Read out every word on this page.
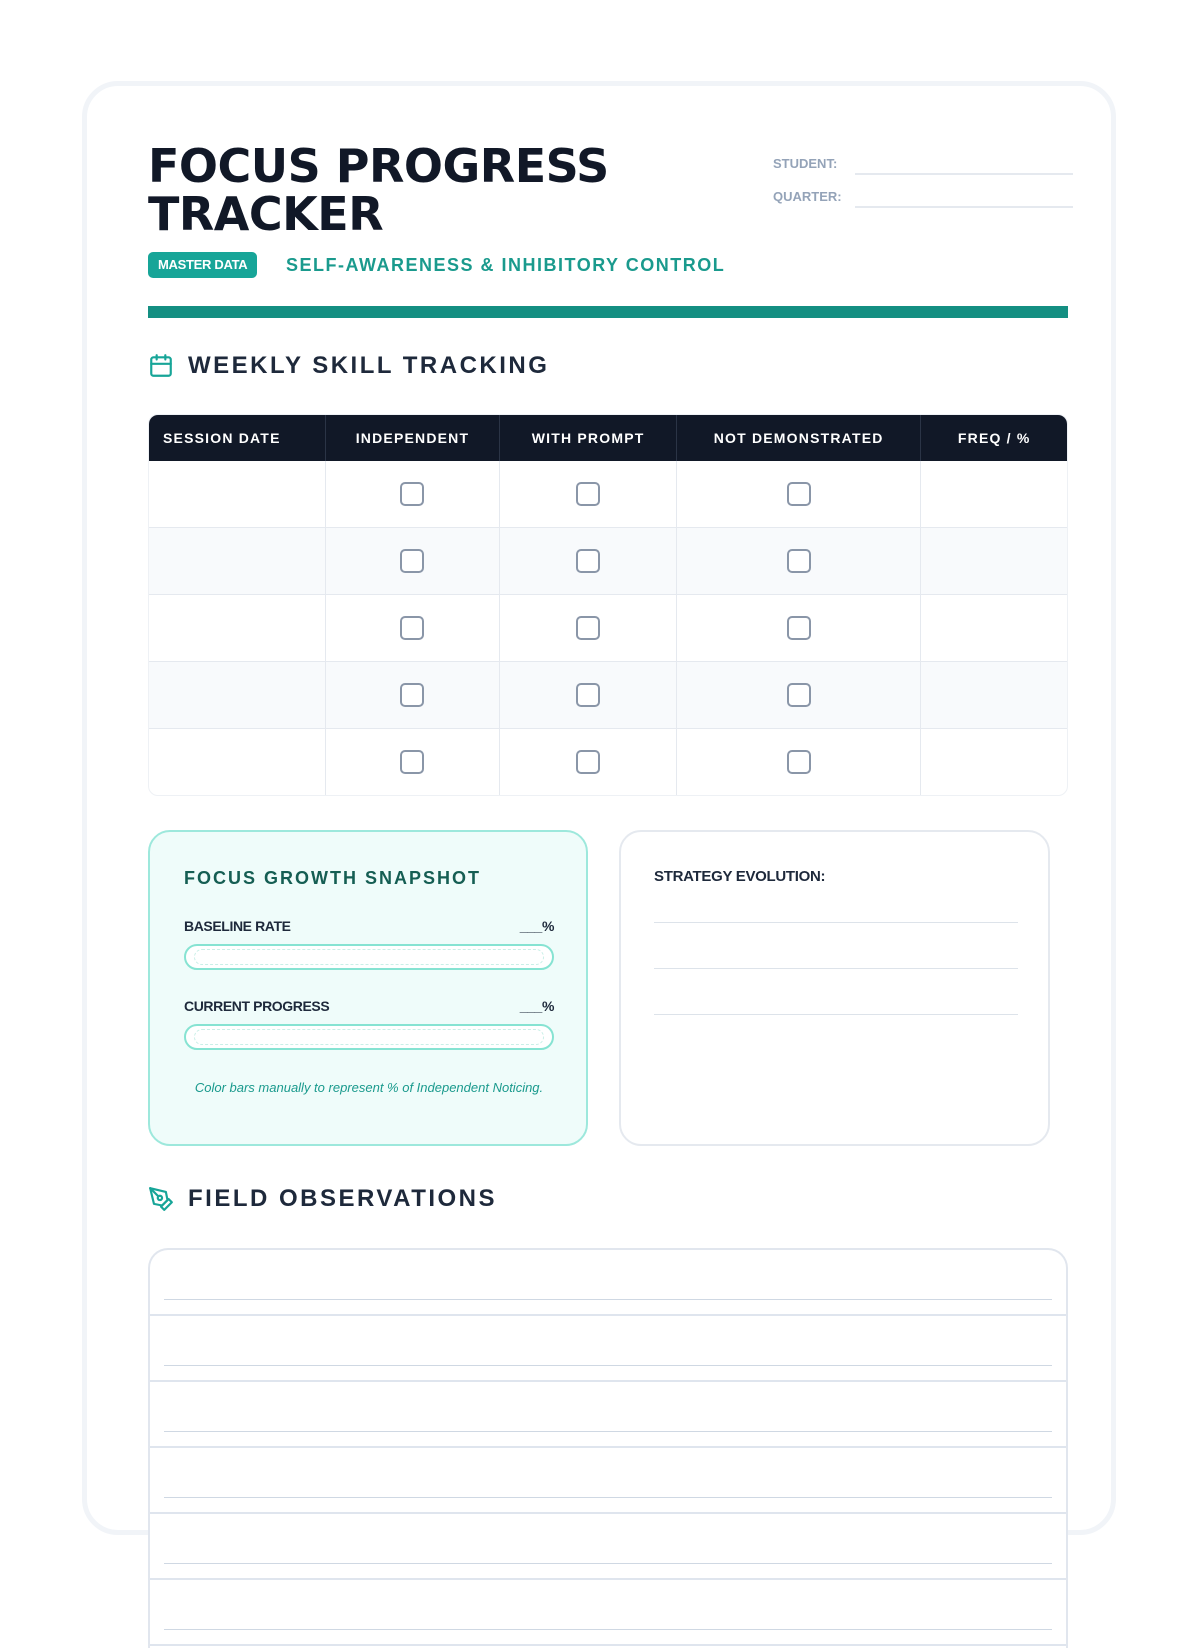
FOCUS PROGRESS
TRACKER
MASTER DATA	SELF-AWARENESS & INHIBITORY CONTROL
STUDENT:
QUARTER:
WEEKLY SKILL TRACKING
SESSION DATE	INDEPENDENT	WITH PROMPT	NOT DEMONSTRATED	FREQ / %

FOCUS GROWTH SNAPSHOT
BASELINE RATE	___%
CURRENT PROGRESS	___%
Color bars manually to represent % of Independent Noticing.
STRATEGY EVOLUTION:
FIELD OBSERVATIONS
